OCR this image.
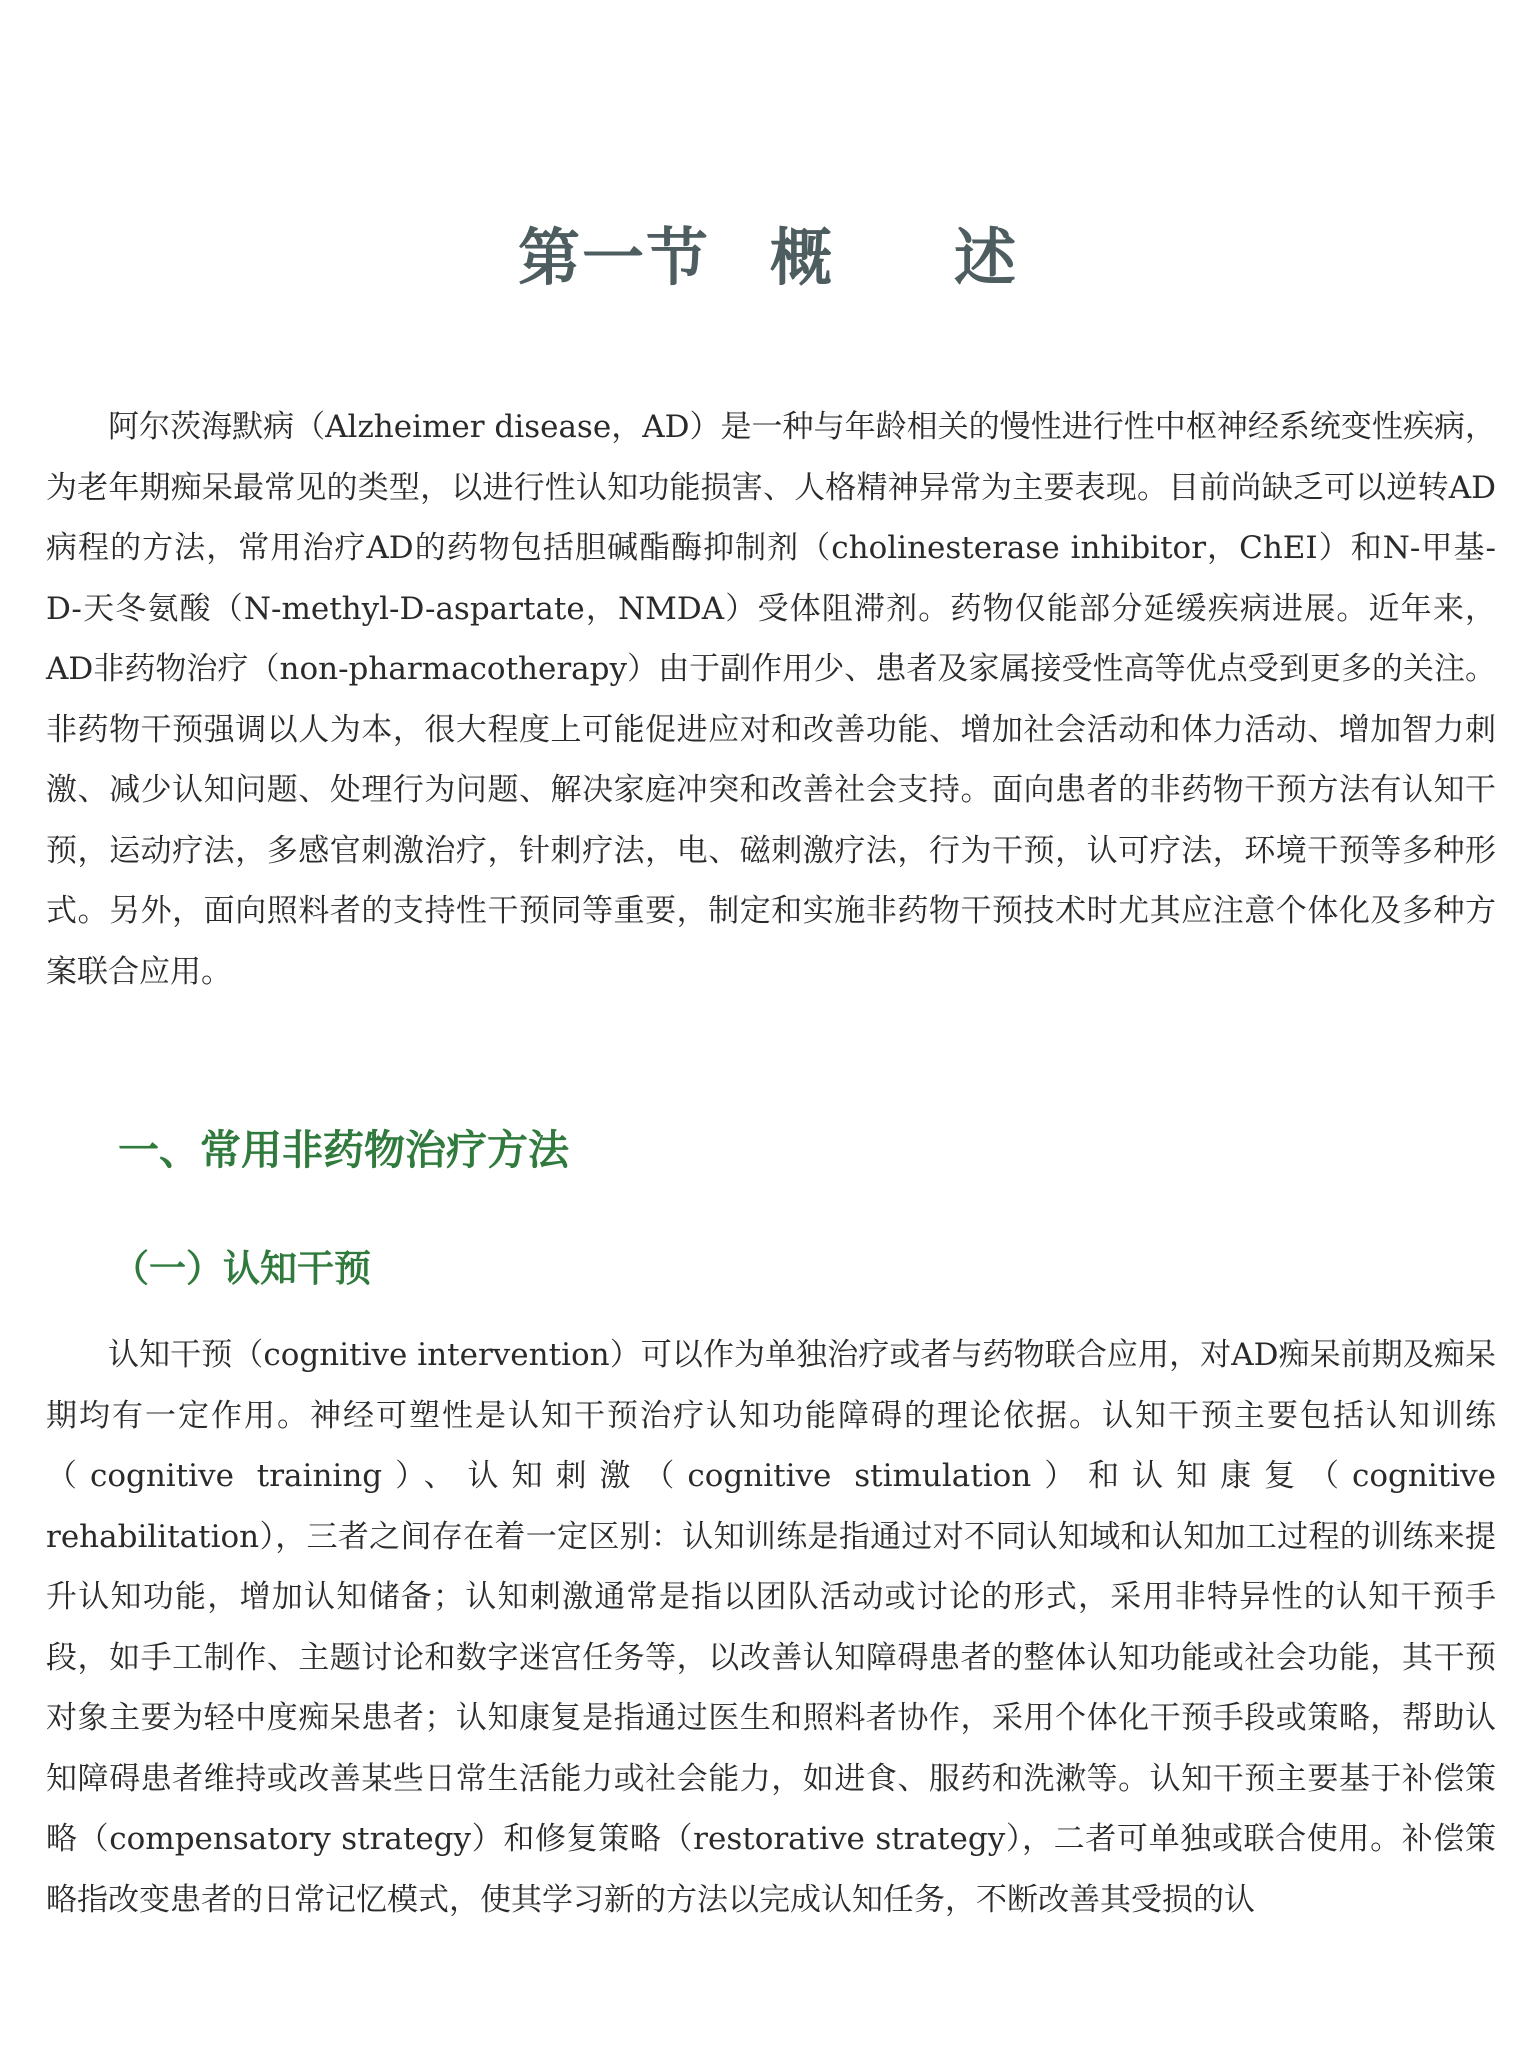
第一节 概 述

阿尔茨海默病（Alzheimer disease，AD）是一种与年龄相关的慢性进行性中枢神经系统变性疾病，为老年期痴呆最常见的类型，以进行性认知功能损害、人格精神异常为主要表现。目前尚缺乏可以逆转AD病程的方法，常用治疗AD的药物包括胆碱酯酶抑制剂（cholinesterase inhibitor，ChEI）和N-甲基-D-天冬氨酸（N-methyl-D-aspartate，NMDA）受体阻滞剂。药物仅能部分延缓疾病进展。近年来，AD非药物治疗（non-pharmacotherapy）由于副作用少、患者及家属接受性高等优点受到更多的关注。非药物干预强调以人为本，很大程度上可能促进应对和改善功能、增加社会活动和体力活动、增加智力刺激、减少认知问题、处理行为问题、解决家庭冲突和改善社会支持。面向患者的非药物干预方法有认知干预，运动疗法，多感官刺激治疗，针刺疗法，电、磁刺激疗法，行为干预，认可疗法，环境干预等多种形式。另外，面向照料者的支持性干预同等重要，制定和实施非药物干预技术时尤其应注意个体化及多种方案联合应用。

一、常用非药物治疗方法
（一）认知干预

认知干预（cognitive intervention）可以作为单独治疗或者与药物联合应用，对AD痴呆前期及痴呆期均有一定作用。神经可塑性是认知干预治疗认知功能障碍的理论依据。认知干预主要包括认知训练（cognitive training）、认知刺激（cognitive stimulation）和认知康复（cognitive rehabilitation），三者之间存在着一定区别：认知训练是指通过对不同认知域和认知加工过程的训练来提升认知功能，增加认知储备；认知刺激通常是指以团队活动或讨论的形式，采用非特异性的认知干预手段，如手工制作、主题讨论和数字迷宫任务等，以改善认知障碍患者的整体认知功能或社会功能，其干预对象主要为轻中度痴呆患者；认知康复是指通过医生和照料者协作，采用个体化干预手段或策略，帮助认知障碍患者维持或改善某些日常生活能力或社会能力，如进食、服药和洗漱等。认知干预主要基于补偿策略（compensatory strategy）和修复策略（restorative strategy），二者可单独或联合使用。补偿策略指改变患者的日常记忆模式，使其学习新的方法以完成认知任务，不断改善其受损的认
